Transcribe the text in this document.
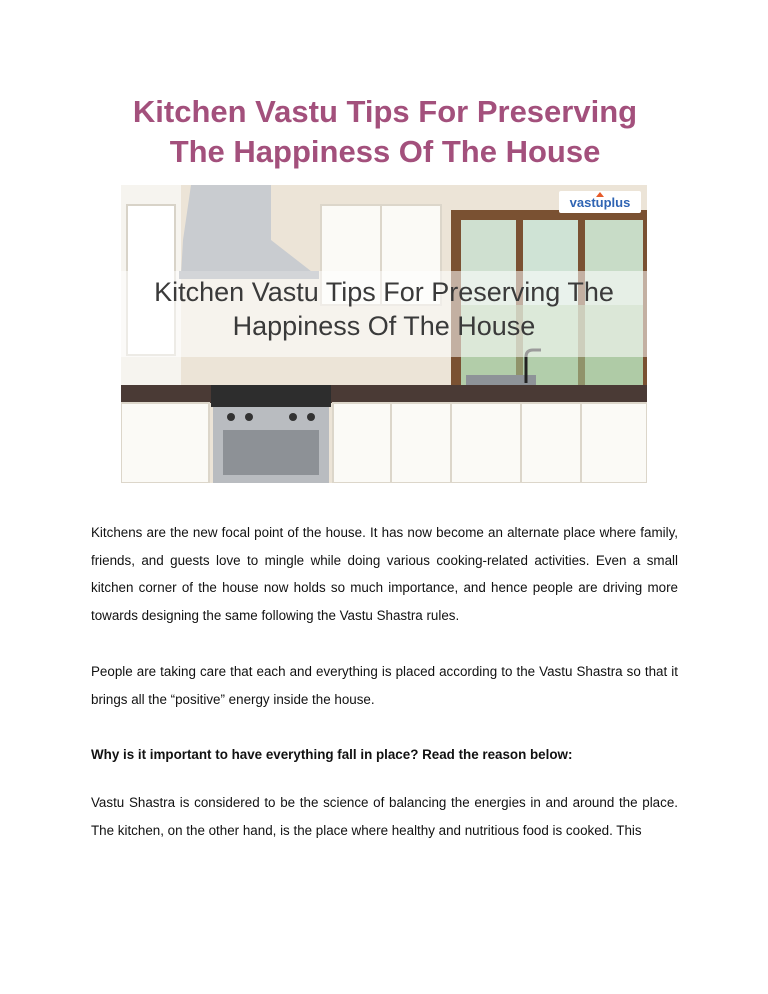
Kitchen Vastu Tips For Preserving
The Happiness Of The House
Kitchen Vastu Tips For Preserving The
Happiness Of The House
vastuplus

Kitchens are the new focal point of the house. It has now become an alternate place where family, friends, and guests love to mingle while doing various cooking-related activities. Even a small kitchen corner of the house now holds so much importance, and hence people are driving more towards designing the same following the Vastu Shastra rules.

People are taking care that each and everything is placed according to the Vastu Shastra so that it brings all the “positive” energy inside the house.

Why is it important to have everything fall in place? Read the reason below:

Vastu Shastra is considered to be the science of balancing the energies in and around the place. The kitchen, on the other hand, is the place where healthy and nutritious food is cooked. This
